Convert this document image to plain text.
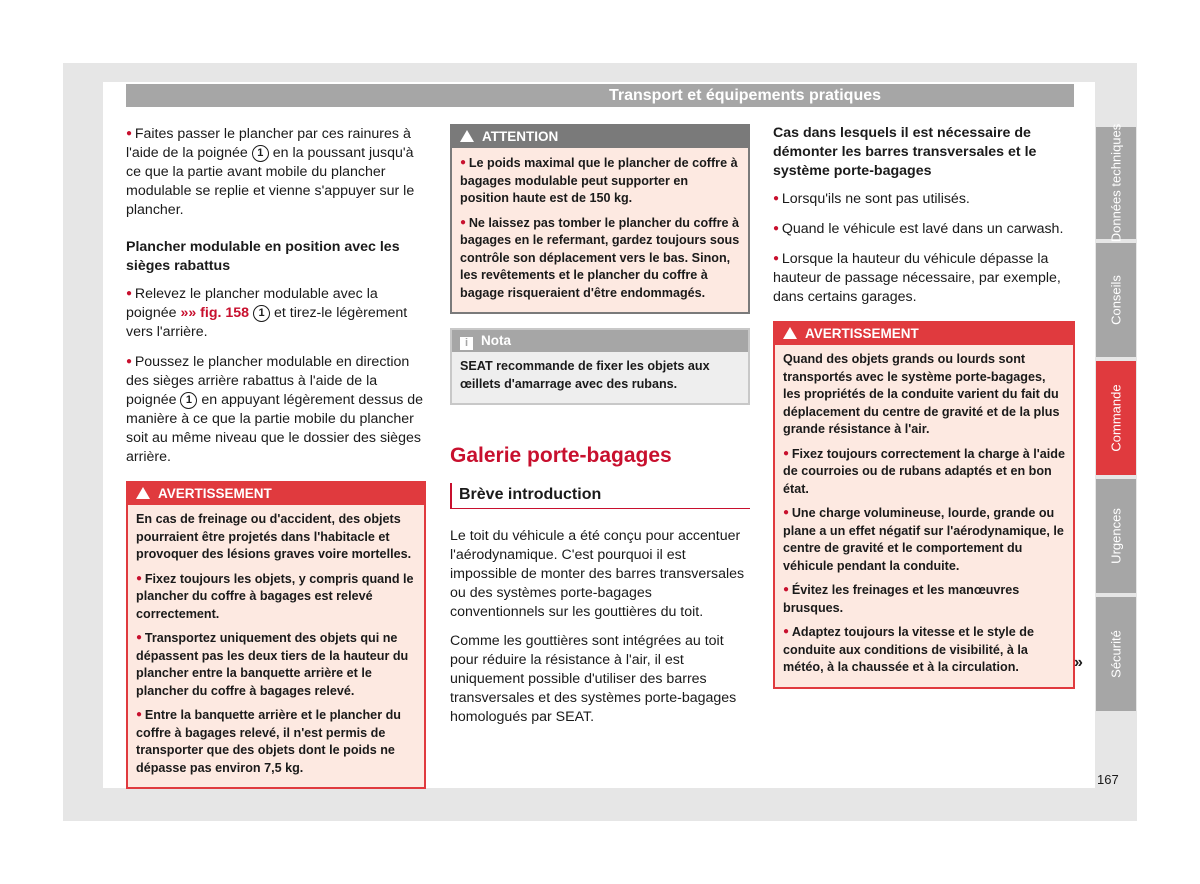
Transport et équipements pratiques

● Faites passer le plancher par ces rainures à l'aide de la poignée 1 en la poussant jusqu'à ce que la partie avant mobile du plancher modulable se replie et vienne s'appuyer sur le plancher.

Plancher modulable en position avec les sièges rabattus

● Relevez le plancher modulable avec la poignée »» fig. 158 1 et tirez-le légèrement vers l'arrière.

● Poussez le plancher modulable en direction des sièges arrière rabattus à l'aide de la poignée 1 en appuyant légèrement dessus de manière à ce que la partie mobile du plancher soit au même niveau que le dossier des sièges arrière.

AVERTISSEMENT

En cas de freinage ou d'accident, des objets pourraient être projetés dans l'habitacle et provoquer des lésions graves voire mortelles.

● Fixez toujours les objets, y compris quand le plancher du coffre à bagages est relevé correctement.

● Transportez uniquement des objets qui ne dépassent pas les deux tiers de la hauteur du plancher entre la banquette arrière et le plancher du coffre à bagages relevé.

● Entre la banquette arrière et le plancher du coffre à bagages relevé, il n'est permis de transporter que des objets dont le poids ne dépasse pas environ 7,5 kg.

ATTENTION

● Le poids maximal que le plancher de coffre à bagages modulable peut supporter en position haute est de 150 kg.

● Ne laissez pas tomber le plancher du coffre à bagages en le refermant, gardez toujours sous contrôle son déplacement vers le bas. Sinon, les revêtements et le plancher du coffre à bagage risqueraient d'être endommagés.

i Nota

SEAT recommande de fixer les objets aux œillets d'amarrage avec des rubans.

Galerie porte-bagages
Brève introduction

Le toit du véhicule a été conçu pour accentuer l'aérodynamique. C'est pourquoi il est impossible de monter des barres transversales ou des systèmes porte-bagages conventionnels sur les gouttières du toit.

Comme les gouttières sont intégrées au toit pour réduire la résistance à l'air, il est uniquement possible d'utiliser des barres transversales et des systèmes porte-bagages homologués par SEAT.

Cas dans lesquels il est nécessaire de démonter les barres transversales et le système porte-bagages

● Lorsqu'ils ne sont pas utilisés.

● Quand le véhicule est lavé dans un carwash.

● Lorsque la hauteur du véhicule dépasse la hauteur de passage nécessaire, par exemple, dans certains garages.

AVERTISSEMENT

Quand des objets grands ou lourds sont transportés avec le système porte-bagages, les propriétés de la conduite varient du fait du déplacement du centre de gravité et de la plus grande résistance à l'air.

● Fixez toujours correctement la charge à l'aide de courroies ou de rubans adaptés et en bon état.

● Une charge volumineuse, lourde, grande ou plane a un effet négatif sur l'aérodynamique, le centre de gravité et le comportement du véhicule pendant la conduite.

● Évitez les freinages et les manœuvres brusques.

● Adaptez toujours la vitesse et le style de conduite aux conditions de visibilité, à la météo, à la chaussée et à la circulation.	»
Données techniques
Conseils
Commande
Urgences
Sécurité
167
